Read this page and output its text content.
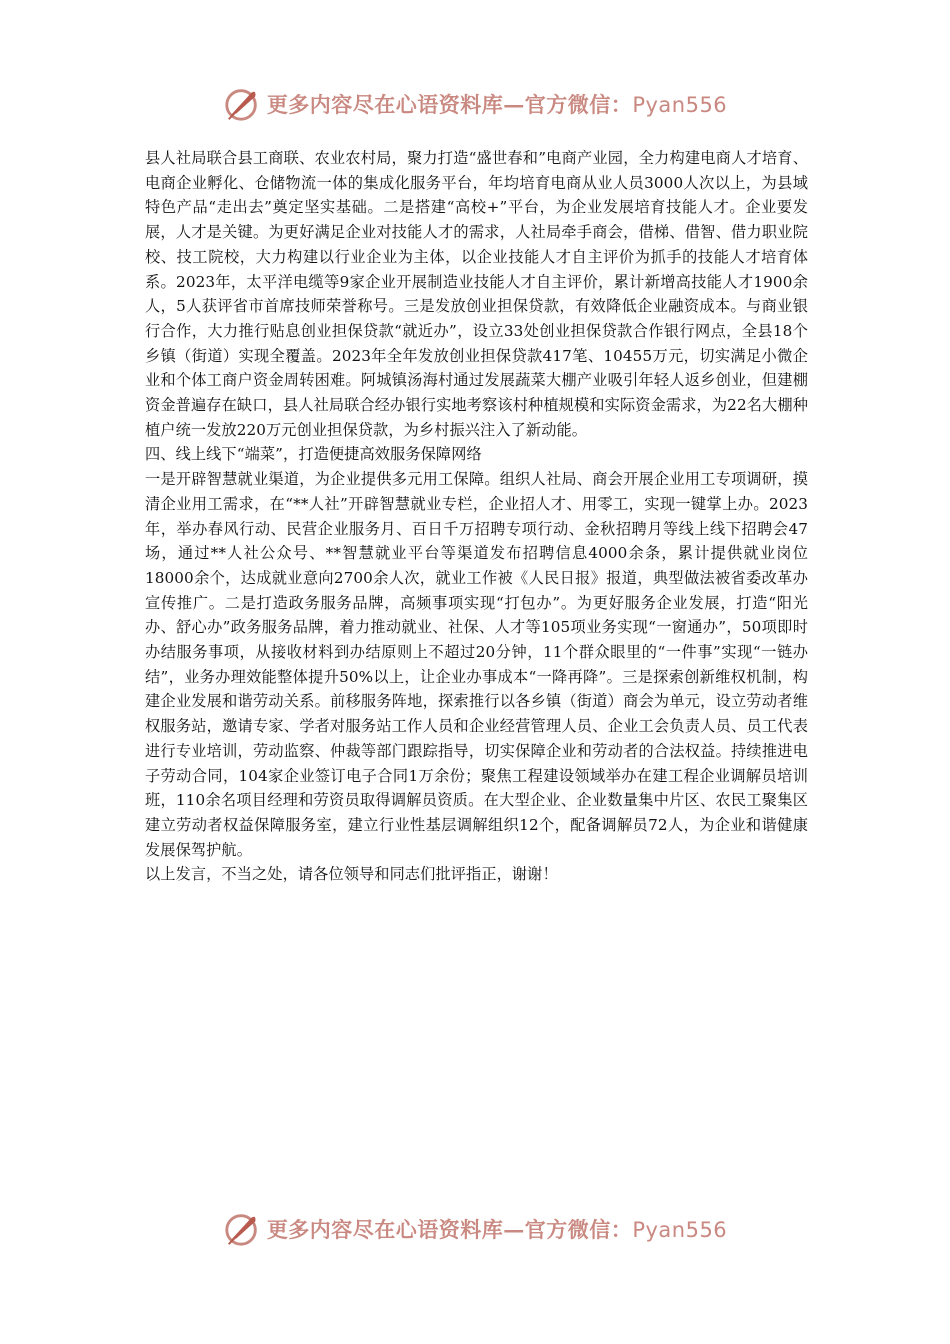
更多内容尽在心语资料库—官方微信：Pyan556

县人社局联合县工商联、农业农村局，聚力打造“盛世春和”电商产业园，全力构建电商人才培育、电商企业孵化、仓储物流一体的集成化服务平台，年均培育电商从业人员3000人次以上，为县域特色产品“走出去”奠定坚实基础。二是搭建“高校+”平台，为企业发展培育技能人才。企业要发展，人才是关键。为更好满足企业对技能人才的需求，人社局牵手商会，借梯、借智、借力职业院校、技工院校，大力构建以行业企业为主体，以企业技能人才自主评价为抓手的技能人才培育体系。2023年，太平洋电缆等9家企业开展制造业技能人才自主评价，累计新增高技能人才1900余人，5人获评省市首席技师荣誉称号。三是发放创业担保贷款，有效降低企业融资成本。与商业银行合作，大力推行贴息创业担保贷款“就近办”，设立33处创业担保贷款合作银行网点，全县18个乡镇（街道）实现全覆盖。2023年全年发放创业担保贷款417笔、10455万元，切实满足小微企业和个体工商户资金周转困难。阿城镇汤海村通过发展蔬菜大棚产业吸引年轻人返乡创业，但建棚资金普遍存在缺口，县人社局联合经办银行实地考察该村种植规模和实际资金需求，为22名大棚种植户统一发放220万元创业担保贷款，为乡村振兴注入了新动能。

四、线上线下“端菜”，打造便捷高效服务保障网络

一是开辟智慧就业渠道，为企业提供多元用工保障。组织人社局、商会开展企业用工专项调研，摸清企业用工需求，在“**人社”开辟智慧就业专栏，企业招人才、用零工，实现一键掌上办。2023年，举办春风行动、民营企业服务月、百日千万招聘专项行动、金秋招聘月等线上线下招聘会47场，通过**人社公众号、**智慧就业平台等渠道发布招聘信息4000余条，累计提供就业岗位18000余个，达成就业意向2700余人次，就业工作被《人民日报》报道，典型做法被省委改革办宣传推广。二是打造政务服务品牌，高频事项实现“打包办”。为更好服务企业发展，打造“阳光办、舒心办”政务服务品牌，着力推动就业、社保、人才等105项业务实现“一窗通办”，50项即时办结服务事项，从接收材料到办结原则上不超过20分钟，11个群众眼里的“一件事”实现“一链办结”，业务办理效能整体提升50%以上，让企业办事成本“一降再降”。三是探索创新维权机制，构建企业发展和谐劳动关系。前移服务阵地，探索推行以各乡镇（街道）商会为单元，设立劳动者维权服务站，邀请专家、学者对服务站工作人员和企业经营管理人员、企业工会负责人员、员工代表进行专业培训，劳动监察、仲裁等部门跟踪指导，切实保障企业和劳动者的合法权益。持续推进电子劳动合同，104家企业签订电子合同1万余份；聚焦工程建设领域举办在建工程企业调解员培训班，110余名项目经理和劳资员取得调解员资质。在大型企业、企业数量集中片区、农民工聚集区建立劳动者权益保障服务室，建立行业性基层调解组织12个，配备调解员72人，为企业和谐健康发展保驾护航。

以上发言，不当之处，请各位领导和同志们批评指正，谢谢！

更多内容尽在心语资料库—官方微信：Pyan556
